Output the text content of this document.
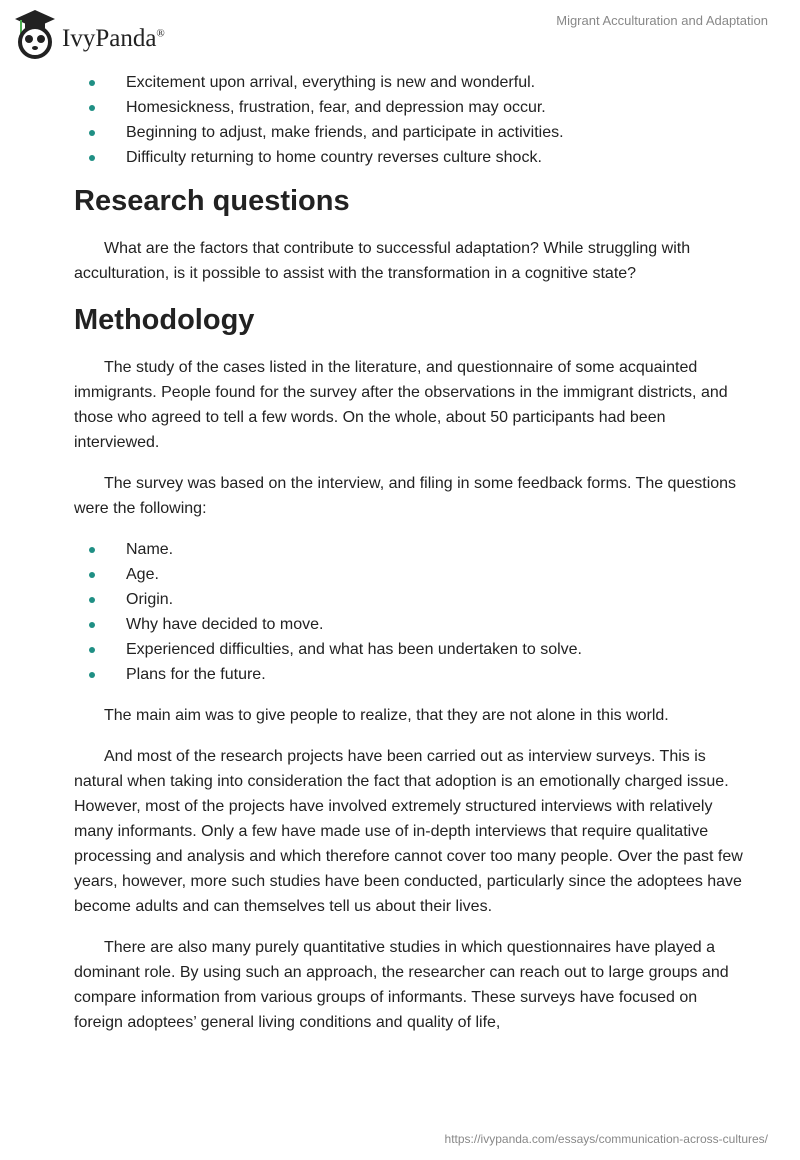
IvyPanda®
Migrant Acculturation and Adaptation
Excitement upon arrival, everything is new and wonderful.
Homesickness, frustration, fear, and depression may occur.
Beginning to adjust, make friends, and participate in activities.
Difficulty returning to home country reverses culture shock.
Research questions

What are the factors that contribute to successful adaptation? While struggling with acculturation, is it possible to assist with the transformation in a cognitive state?

Methodology

The study of the cases listed in the literature, and questionnaire of some acquainted immigrants. People found for the survey after the observations in the immigrant districts, and those who agreed to tell a few words. On the whole, about 50 participants had been interviewed.

The survey was based on the interview, and filing in some feedback forms. The questions were the following:

Name.
Age.
Origin.
Why have decided to move.
Experienced difficulties, and what has been undertaken to solve.
Plans for the future.

The main aim was to give people to realize, that they are not alone in this world.

And most of the research projects have been carried out as interview surveys. This is natural when taking into consideration the fact that adoption is an emotionally charged issue. However, most of the projects have involved extremely structured interviews with relatively many informants. Only a few have made use of in-depth interviews that require qualitative processing and analysis and which therefore cannot cover too many people. Over the past few years, however, more such studies have been conducted, particularly since the adoptees have become adults and can themselves tell us about their lives.

There are also many purely quantitative studies in which questionnaires have played a dominant role. By using such an approach, the researcher can reach out to large groups and compare information from various groups of informants. These surveys have focused on foreign adoptees’ general living conditions and quality of life,

https://ivypanda.com/essays/communication-across-cultures/
